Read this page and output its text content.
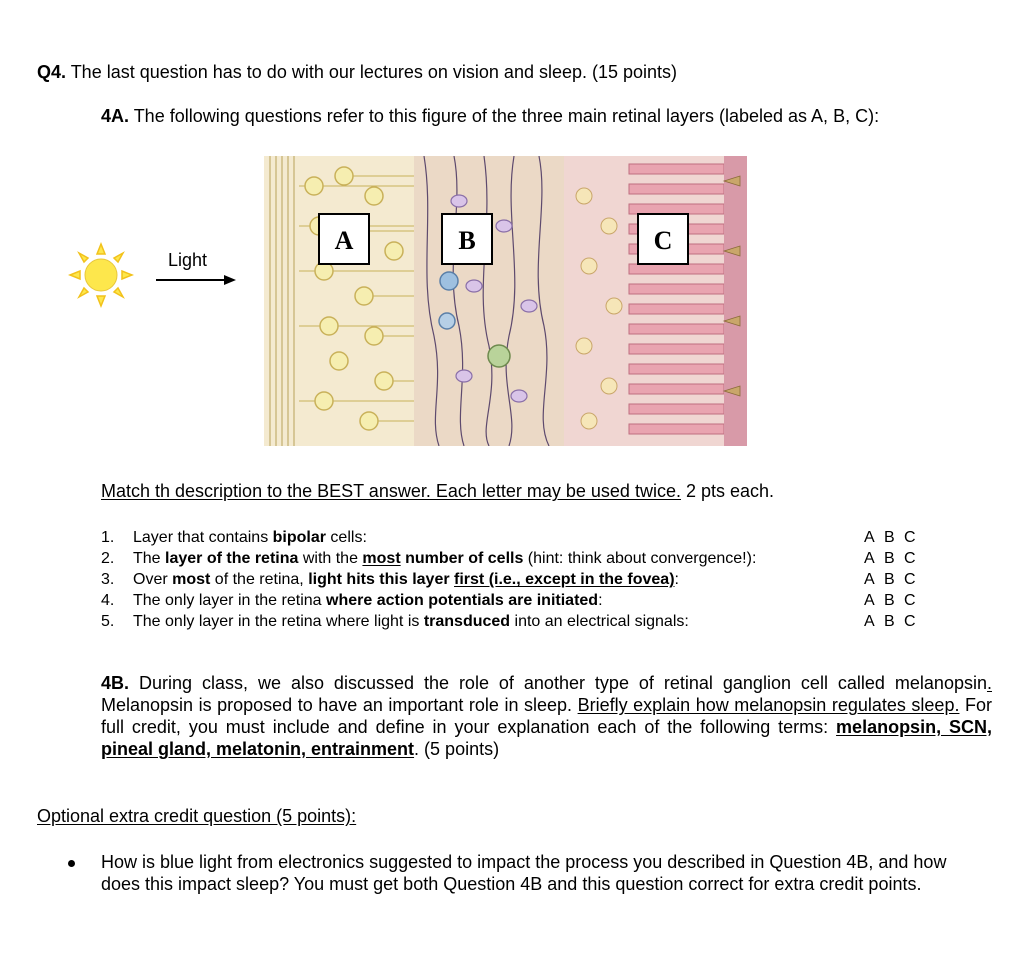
Q4. The last question has to do with our lectures on vision and sleep. (15 points)
4A. The following questions refer to this figure of the three main retinal layers (labeled as A, B, C):
Light
A	B	C
Match th description to the BEST answer. Each letter may be used twice. 2 pts each.
1. Layer that contains bipolar cells:
2. The layer of the retina with the most number of cells (hint: think about convergence!):
3. Over most of the retina, light hits this layer first (i.e., except in the fovea):
4. The only layer in the retina where action potentials are initiated:
5. The only layer in the retina where light is transduced into an electrical signals:
A B C
A B C
A B C
A B C
A B C

4B. During class, we also discussed the role of another type of retinal ganglion cell called melanopsin. Melanopsin is proposed to have an important role in sleep. Briefly explain how melanopsin regulates sleep. For full credit, you must include and define in your explanation each of the following terms: melanopsin, SCN, pineal gland, melatonin, entrainment. (5 points)

Optional extra credit question (5 points):

How is blue light from electronics suggested to impact the process you described in Question 4B, and how does this impact sleep? You must get both Question 4B and this question correct for extra credit points.
